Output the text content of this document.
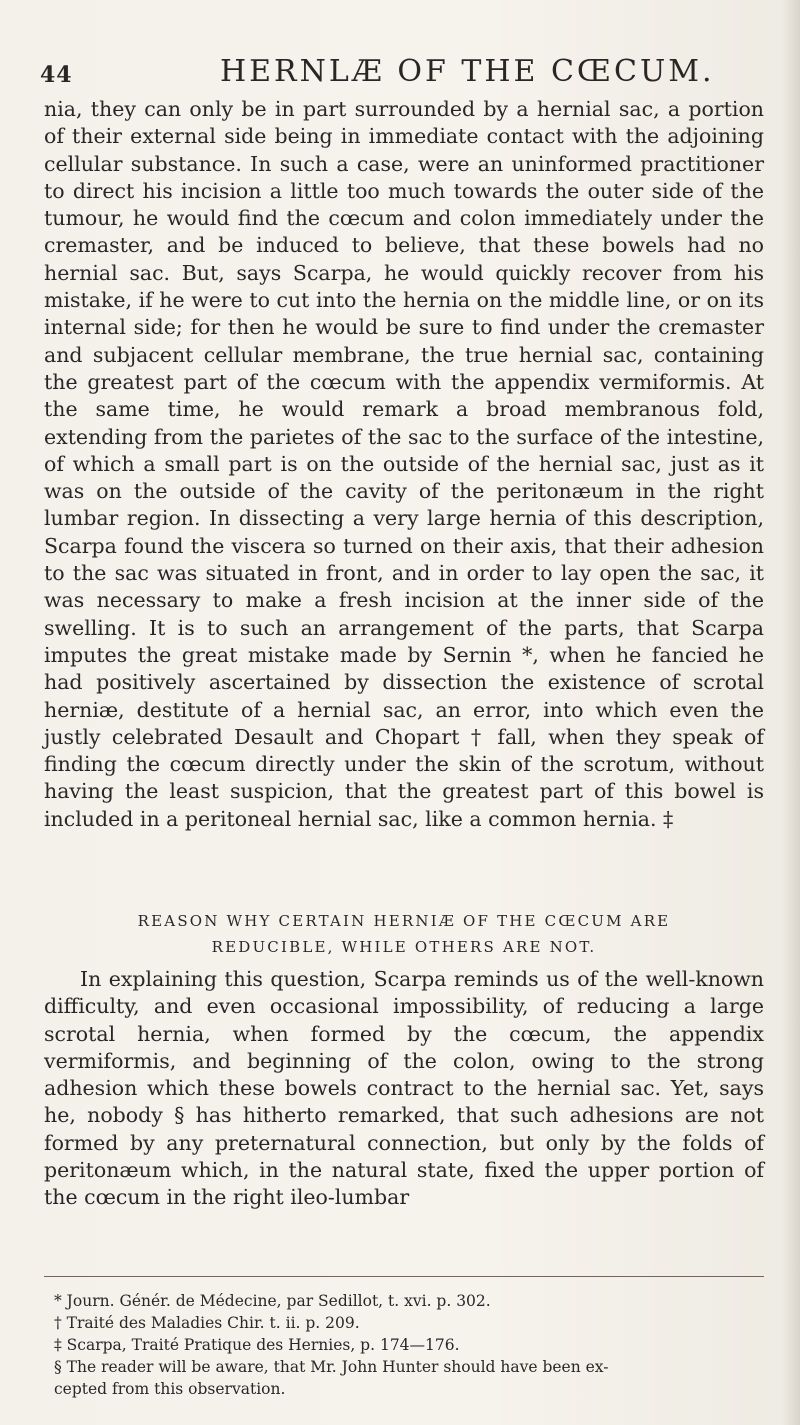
44	HERNLÆ OF THE CŒCUM.

nia, they can only be in part surrounded by a hernial sac, a portion of their external side being in immediate contact with the adjoining cellular substance. In such a case, were an uninformed practitioner to direct his incision a little too much towards the outer side of the tumour, he would find the cœcum and colon immediately under the cremaster, and be induced to believe, that these bowels had no hernial sac. But, says Scarpa, he would quickly recover from his mistake, if he were to cut into the hernia on the middle line, or on its internal side; for then he would be sure to find under the cremaster and subjacent cellular membrane, the true hernial sac, containing the greatest part of the cœcum with the appendix vermiformis. At the same time, he would remark a broad membranous fold, extending from the parietes of the sac to the surface of the intestine, of which a small part is on the outside of the hernial sac, just as it was on the outside of the cavity of the peritonæum in the right lumbar region. In dissecting a very large hernia of this description, Scarpa found the viscera so turned on their axis, that their adhesion to the sac was situated in front, and in order to lay open the sac, it was necessary to make a fresh incision at the inner side of the swelling. It is to such an arrangement of the parts, that Scarpa imputes the great mistake made by Sernin *, when he fancied he had positively ascertained by dissection the existence of scrotal herniæ, destitute of a hernial sac, an error, into which even the justly celebrated Desault and Chopart † fall, when they speak of finding the cœcum directly under the skin of the scrotum, without having the least suspicion, that the greatest part of this bowel is included in a peritoneal hernial sac, like a common hernia. ‡

REASON WHY CERTAIN HERNIÆ OF THE CŒCUM ARE
REDUCIBLE, WHILE OTHERS ARE NOT.
In explaining this question, Scarpa reminds us of the well-known difficulty, and even occasional impossibility, of reducing a large scrotal hernia, when formed by the cœcum, the appendix vermiformis, and beginning of the colon, owing to the strong adhesion which these bowels contract to the hernial sac. Yet, says he, nobody § has hitherto remarked, that such adhesions are not formed by any preternatural connection, but only by the folds of peritonæum which, in the natural state, fixed the upper portion of the cœcum in the right ileo-lumbar
* Journ. Génér. de Médecine, par Sedillot, t. xvi. p. 302.
† Traité des Maladies Chir. t. ii. p. 209.
‡ Scarpa, Traité Pratique des Hernies, p. 174—176.
§ The reader will be aware, that Mr. John Hunter should have been ex-
cepted from this observation.
